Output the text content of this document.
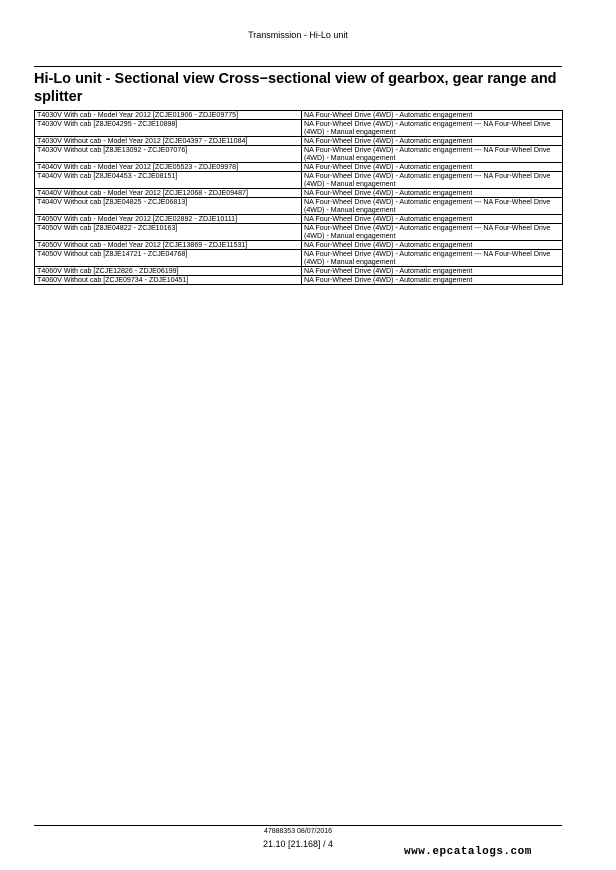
Transmission - Hi-Lo unit
Hi-Lo unit - Sectional view Cross−sectional view of gearbox, gear range and splitter
T4030V With cab - Model Year 2012 [ZCJE01906 - ZDJE09775]	NA Four-Wheel Drive (4WD) - Automatic engagement
T4030V With cab [Z8JE04295 - ZCJE10898]	NA Four-Wheel Drive (4WD) - Automatic engagement --- NA Four-Wheel Drive (4WD) - Manual engagement
T4030V Without cab - Model Year 2012 [ZCJE04397 - ZDJE11084]	NA Four-Wheel Drive (4WD) - Automatic engagement
T4030V Without cab [Z8JE13092 - ZCJE07076]	NA Four-Wheel Drive (4WD) - Automatic engagement --- NA Four-Wheel Drive (4WD) - Manual engagement
T4040V With cab - Model Year 2012 [ZCJE05523 - ZDJE09978]	NA Four-Wheel Drive (4WD) - Automatic engagement
T4040V With cab [Z8JE04453 - ZCJE08151]	NA Four-Wheel Drive (4WD) - Automatic engagement --- NA Four-Wheel Drive (4WD) - Manual engagement
T4040V Without cab - Model Year 2012 [ZCJE12068 - ZDJE09487]	NA Four-Wheel Drive (4WD) - Automatic engagement
T4040V Without cab [Z8JE04825 - ZCJE06813]	NA Four-Wheel Drive (4WD) - Automatic engagement --- NA Four-Wheel Drive (4WD) - Manual engagement
T4050V With cab - Model Year 2012 [ZCJE02892 - ZDJE10111]	NA Four-Wheel Drive (4WD) - Automatic engagement
T4050V With cab [Z8JE04822 - ZCJE10163]	NA Four-Wheel Drive (4WD) - Automatic engagement --- NA Four-Wheel Drive (4WD) - Manual engagement
T4050V Without cab - Model Year 2012 [ZCJE13869 - ZDJE11531]	NA Four-Wheel Drive (4WD) - Automatic engagement
T4050V Without cab [Z8JE14721 - ZCJE04768]	NA Four-Wheel Drive (4WD) - Automatic engagement --- NA Four-Wheel Drive (4WD) - Manual engagement
T4060V With cab [ZCJE12826 - ZDJE06199]	NA Four-Wheel Drive (4WD) - Automatic engagement
T4060V Without cab [ZCJE09734 - ZDJE10451]	NA Four-Wheel Drive (4WD) - Automatic engagement
47888353 08/07/2016
21.10 [21.168] / 4
www.epcatalogs.com
